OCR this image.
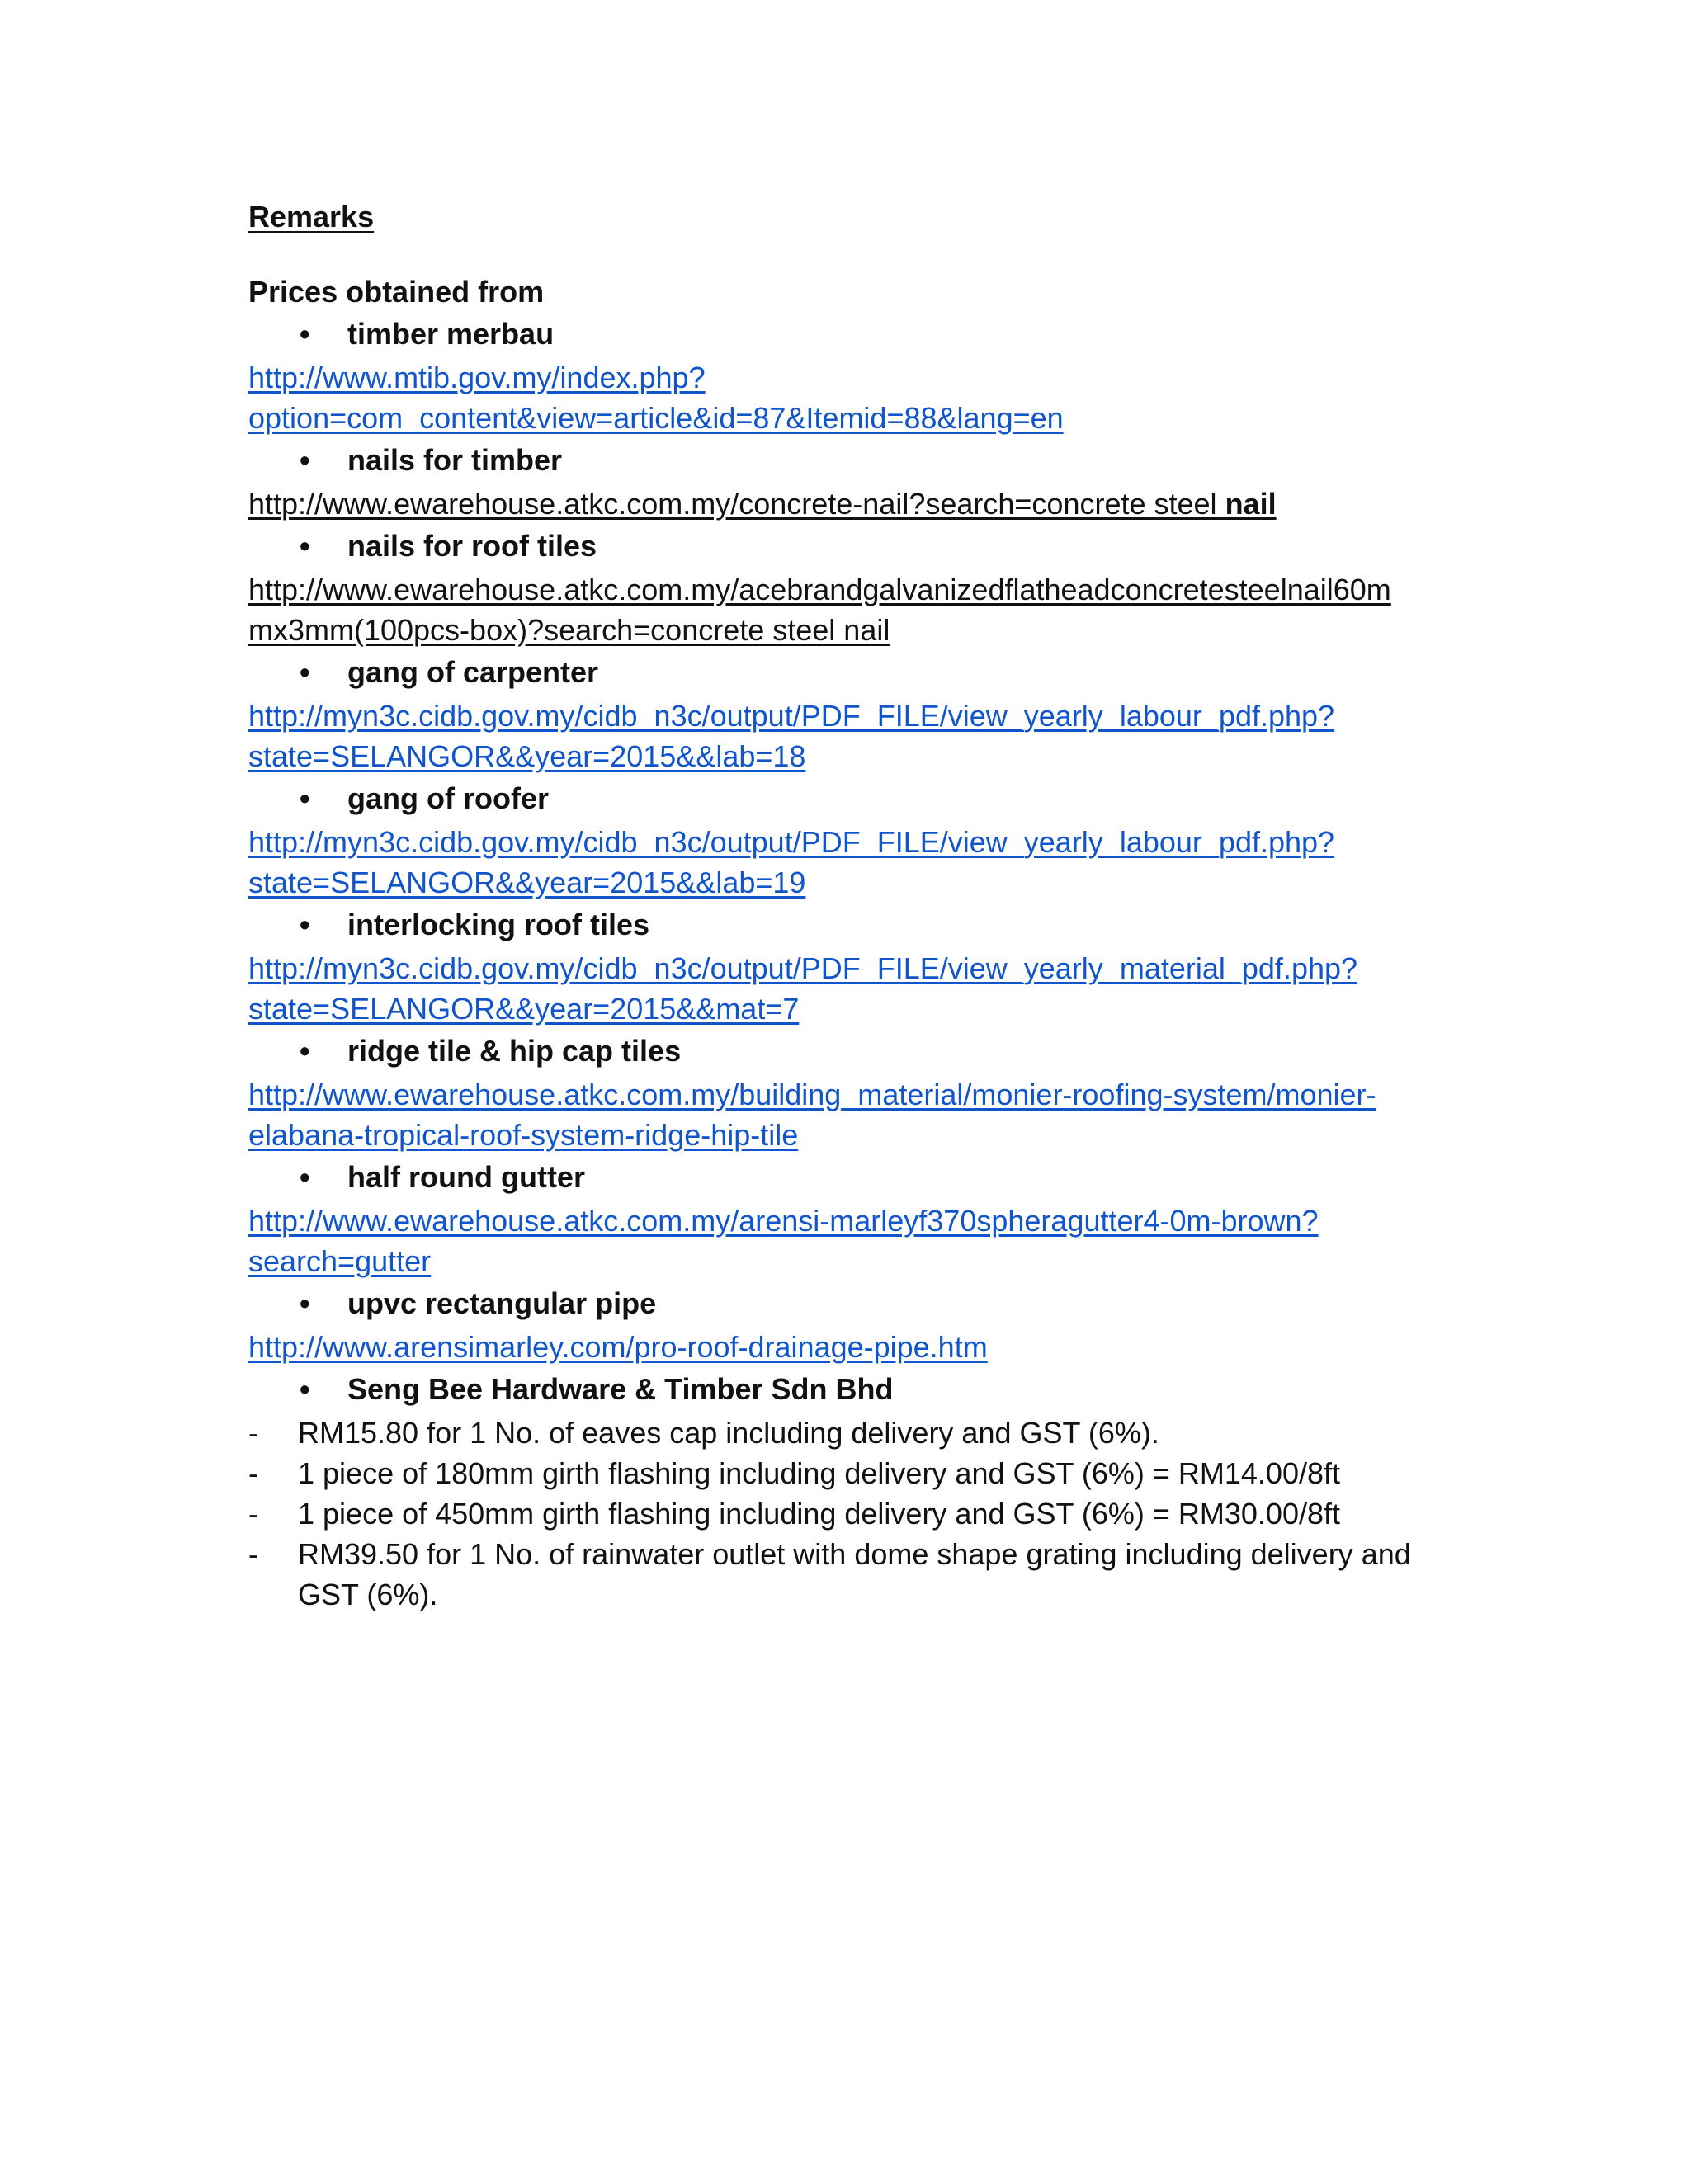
Remarks
Prices obtained from
• timber merbau
http://www.mtib.gov.my/index.php?
option=com_content&view=article&id=87&Itemid=88&lang=en
• nails for timber
http://www.ewarehouse.atkc.com.my/concrete-nail?search=concrete steel nail
• nails for roof tiles
http://www.ewarehouse.atkc.com.my/acebrandgalvanizedflatheadconcretesteelnail60m
mx3mm(100pcs-box)?search=concrete steel nail
• gang of carpenter
http://myn3c.cidb.gov.my/cidb_n3c/output/PDF_FILE/view_yearly_labour_pdf.php?
state=SELANGOR&&year=2015&&lab=18
• gang of roofer
http://myn3c.cidb.gov.my/cidb_n3c/output/PDF_FILE/view_yearly_labour_pdf.php?
state=SELANGOR&&year=2015&&lab=19
• interlocking roof tiles
http://myn3c.cidb.gov.my/cidb_n3c/output/PDF_FILE/view_yearly_material_pdf.php?
state=SELANGOR&&year=2015&&mat=7
• ridge tile & hip cap tiles
http://www.ewarehouse.atkc.com.my/building_material/monier-roofing-system/monier-
elabana-tropical-roof-system-ridge-hip-tile
• half round gutter
http://www.ewarehouse.atkc.com.my/arensi-marleyf370spheragutter4-0m-brown?
search=gutter
• upvc rectangular pipe
http://www.arensimarley.com/pro-roof-drainage-pipe.htm
• Seng Bee Hardware & Timber Sdn Bhd
- RM15.80 for 1 No. of eaves cap including delivery and GST (6%).
- 1 piece of 180mm girth flashing including delivery and GST (6%) = RM14.00/8ft
- 1 piece of 450mm girth flashing including delivery and GST (6%) = RM30.00/8ft
- RM39.50 for 1 No. of rainwater outlet with dome shape grating including delivery and GST (6%).
